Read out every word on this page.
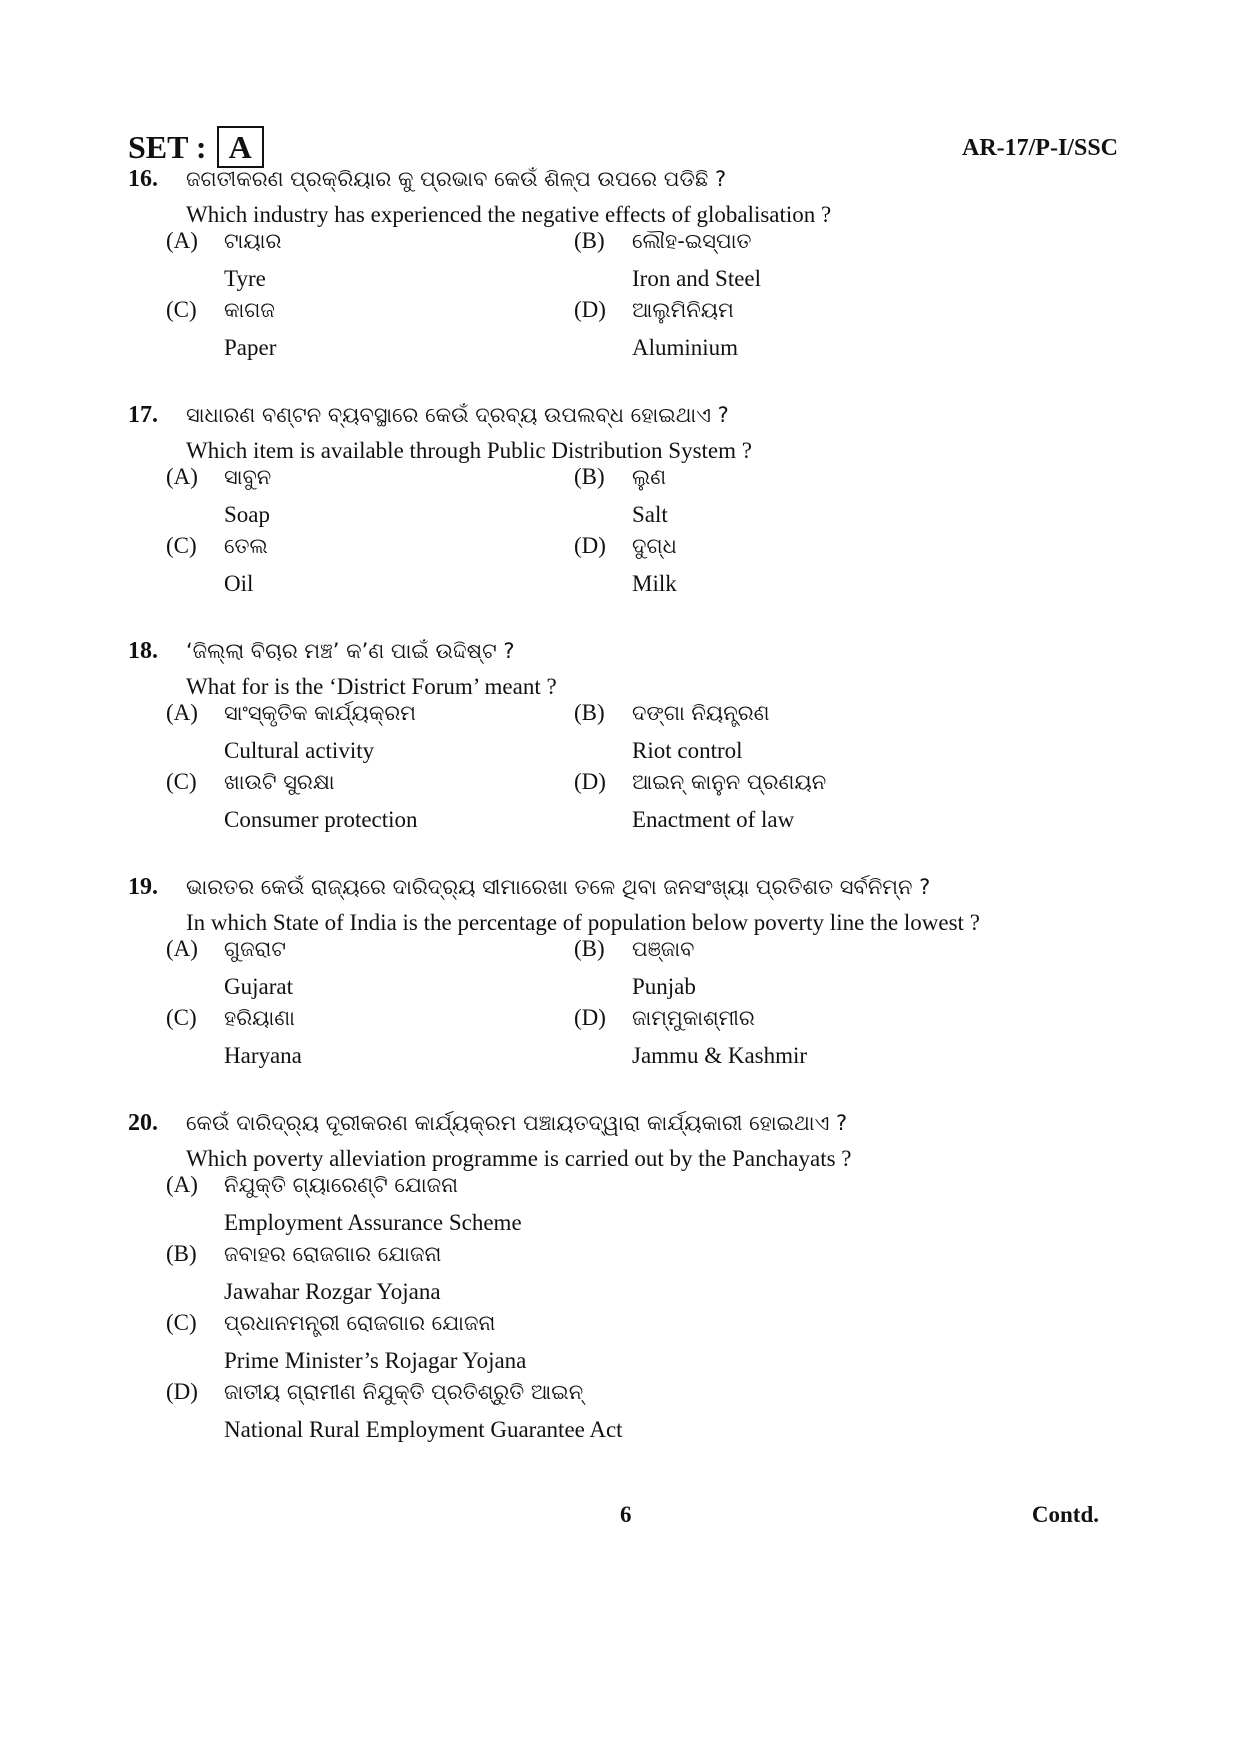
SET : A	AR-17/P-I/SSC
16. ଜଗତୀକରଣ ପ୍ରକ୍ରିୟାର କୁ ପ୍ରଭାବ କେଉଁ ଶିଳ୍ପ ଉପରେ ପଡିଛି ?
Which industry has experienced the negative effects of globalisation ?
(A) ଟାୟାର
Tyre
(B) ଲୌହ-ଇସ୍ପାତ
Iron and Steel
(C) କାଗଜ
Paper
(D) ଆଲୁମିନିୟମ
Aluminium
17. ସାଧାରଣ ବଣ୍ଟନ ବ୍ୟବସ୍ଥାରେ କେଉଁ ଦ୍ରବ୍ୟ ଉପଲବ୍ଧ ହୋଇଥାଏ ?
Which item is available through Public Distribution System ?
(A) ସାବୁନ
Soap
(B) ଲୁଣ
Salt
(C) ତେଲ
Oil
(D) ଦୁଗ୍ଧ
Milk
18. ‘ଜିଲ୍ଲା ବିଚାର ମଞ୍ଚ’ କ’ଣ ପାଇଁ ଉଦ୍ଦିଷ୍ଟ ?
What for is the ‘District Forum’ meant ?
(A) ସାଂସ୍କୃତିକ କାର୍ଯ୍ୟକ୍ରମ
Cultural activity
(B) ଦଙ୍ଗା ନିୟନ୍ତ୍ରଣ
Riot control
(C) ଖାଉଟି ସୁରକ୍ଷା
Consumer protection
(D) ଆଇନ୍ କାନୁନ ପ୍ରଣୟନ
Enactment of law
19. ଭାରତର କେଉଁ ରାଜ୍ୟରେ ଦାରିଦ୍ର୍ୟ ସୀମାରେଖା ତଳେ ଥିବା ଜନସଂଖ୍ୟା ପ୍ରତିଶତ ସର୍ବନିମ୍ନ ?
In which State of India is the percentage of population below poverty line the lowest ?
(A) ଗୁଜରାଟ
Gujarat
(B) ପଞ୍ଜାବ
Punjab
(C) ହରିୟାଣା
Haryana
(D) ଜାମ୍ମୁକାଶ୍ମୀର
Jammu & Kashmir
20. କେଉଁ ଦାରିଦ୍ର୍ୟ ଦୂରୀକରଣ କାର୍ଯ୍ୟକ୍ରମ ପଞ୍ଚାୟତଦ୍ୱାରା କାର୍ଯ୍ୟକାରୀ ହୋଇଥାଏ ?
Which poverty alleviation programme is carried out by the Panchayats ?
(A) ନିଯୁକ୍ତି ଗ୍ୟାରେଣ୍ଟି ଯୋଜନା
Employment Assurance Scheme
(B) ଜବାହର ରୋଜଗାର ଯୋଜନା
Jawahar Rozgar Yojana
(C) ପ୍ରଧାନମନ୍ତ୍ରୀ ରୋଜଗାର ଯୋଜନା
Prime Minister’s Rojagar Yojana
(D) ଜାତୀୟ ଗ୍ରାମୀଣ ନିଯୁକ୍ତି ପ୍ରତିଶ୍ରୁତି ଆଇନ୍
National Rural Employment Guarantee Act
6	Contd.
